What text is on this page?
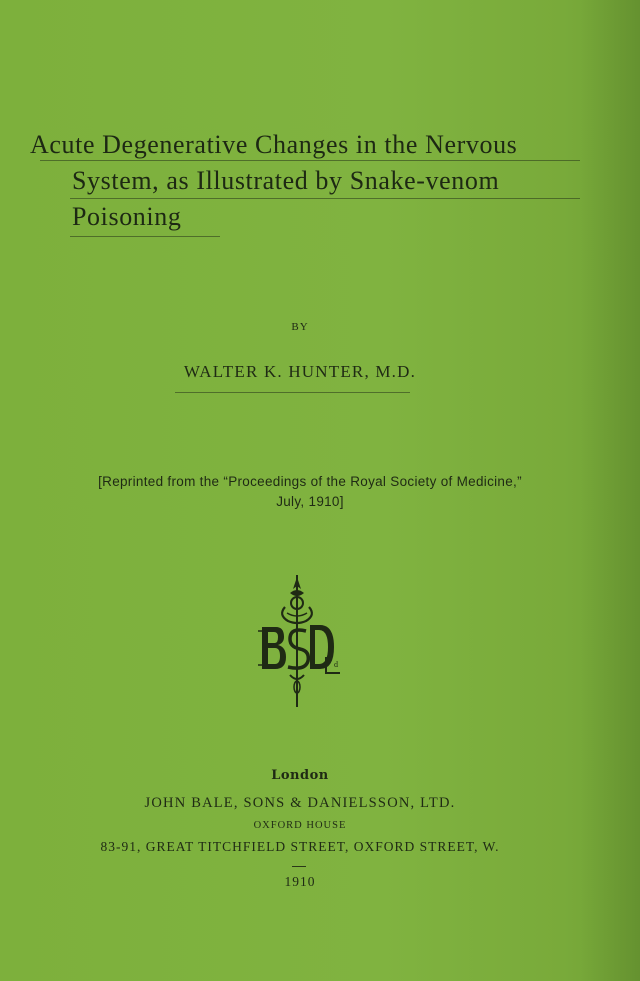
Acute Degenerative Changes in the Nervous
System, as Illustrated by Snake-venom
Poisoning
BY
WALTER K. HUNTER, M.D.
[Reprinted from the “Proceedings of the Royal Society of Medicine,”
July, 1910]
d
London
JOHN BALE, SONS & DANIELSSON, LTD.
OXFORD HOUSE
83-91, GREAT TITCHFIELD STREET, OXFORD STREET, W.
1910
